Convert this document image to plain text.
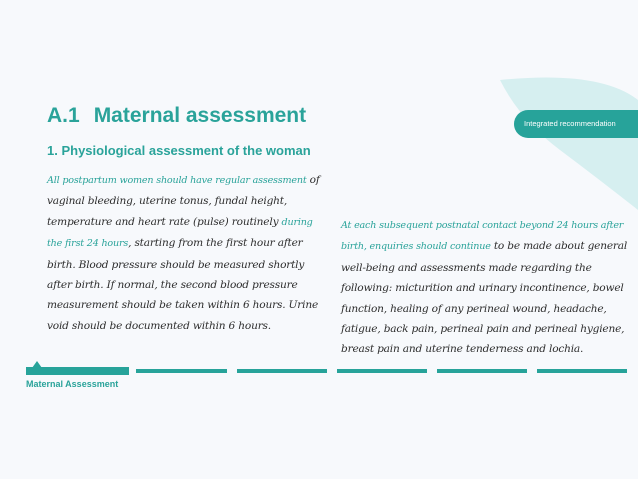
A.1 Maternal assessment
1. Physiological assessment of the woman
Integrated recommendation

All postpartum women should have regular assessment of vaginal bleeding, uterine tonus, fundal height, temperature and heart rate (pulse) routinely during the first 24 hours, starting from the first hour after birth. Blood pressure should be measured shortly after birth. If normal, the second blood pressure measurement should be taken within 6 hours. Urine void should be documented within 6 hours.

At each subsequent postnatal contact beyond 24 hours after birth, enquiries should continue to be made about general well-being and assessments made regarding the following: micturition and urinary incontinence, bowel function, healing of any perineal wound, headache, fatigue, back pain, perineal pain and perineal hygiene, breast pain and uterine tenderness and lochia.

Maternal Assessment
